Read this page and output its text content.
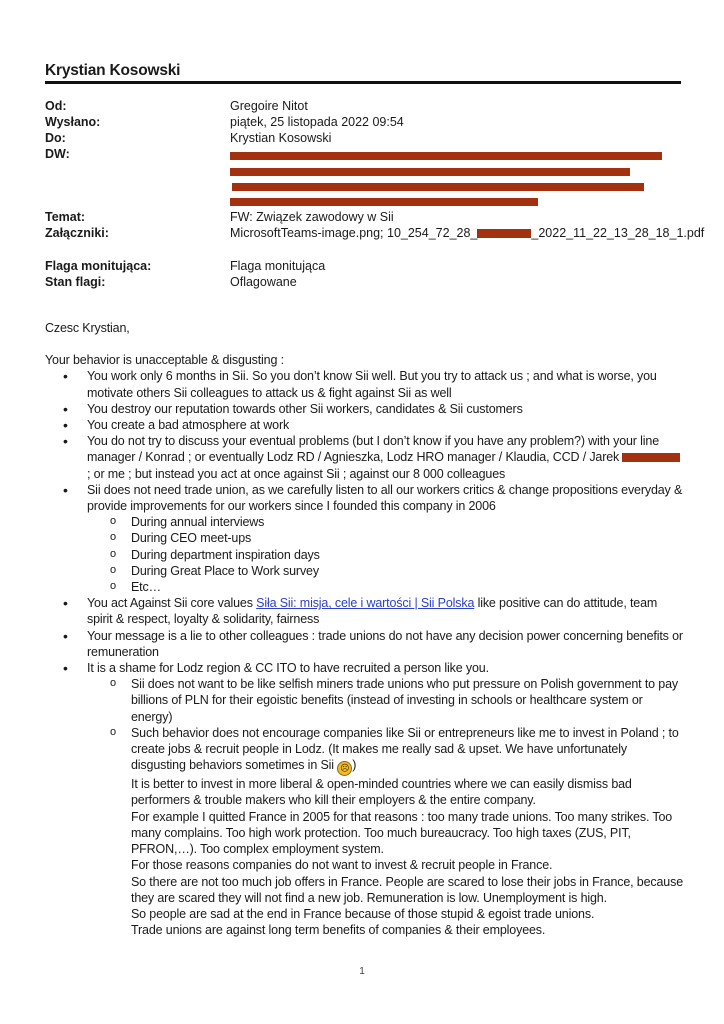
Krystian Kosowski
Od:	Gregoire Nitot
Wysłano:	piątek, 25 listopada 2022 09:54
Do:	Krystian Kosowski
DW:
Temat:	FW: Związek zawodowy w Sii
Załączniki:	MicrosoftTeams-image.png; 10_254_72_28_	_2022_11_22_13_28_18_1.pdf
Flaga monitująca:	Flaga monitująca
Stan flagi:	Oflagowane

Czesc Krystian,

Your behavior is unacceptable & disgusting :

• You work only 6 months in Sii. So you don’t know Sii well. But you try to attack us ; and what is worse, you motivate others Sii colleagues to attack us & fight against Sii as well
• You destroy our reputation towards other Sii workers, candidates & Sii customers
• You create a bad atmosphere at work
• You do not try to discuss your eventual problems (but I don’t know if you have any problem?) with your line manager / Konrad ; or eventually Lodz RD / Agnieszka, Lodz HRO manager / Klaudia, CCD / Jarek  ; or me ; but instead you act at once against Sii ; against our 8 000 colleagues
• Sii does not need trade union, as we carefully listen to all our workers critics & change propositions everyday & provide improvements for our workers since I founded this company in 2006
o During annual interviews
o During CEO meet-ups
o During department inspiration days
o During Great Place to Work survey
o Etc…
• You act Against Sii core values Siła Sii: misja, cele i wartości | Sii Polska like positive can do attitude, team spirit & respect, loyalty & solidarity, fairness
• Your message is a lie to other colleagues : trade unions do not have any decision power concerning benefits or remuneration
• It is a shame for Lodz region & CC ITO to have recruited a person like you.
o Sii does not want to be like selfish miners trade unions who put pressure on Polish government to pay billions of PLN for their egoistic benefits (instead of investing in schools or healthcare system or energy)
o Such behavior does not encourage companies like Sii or entrepreneurs like me to invest in Poland ; to create jobs & recruit people in Lodz. (It makes me really sad & upset. We have unfortunately disgusting behaviors sometimes in Sii ☹ )
It is better to invest in more liberal & open-minded countries where we can easily dismiss bad performers & trouble makers who kill their employers & the entire company.
For example I quitted France in 2005 for that reasons : too many trade unions. Too many strikes. Too many complains. Too high work protection. Too much bureaucracy. Too high taxes (ZUS, PIT, PFRON,…). Too complex employment system.
For those reasons companies do not want to invest & recruit people in France.
So there are not too much job offers in France. People are scared to lose their jobs in France, because they are scared they will not find a new job. Remuneration is low. Unemployment is high.
So people are sad at the end in France because of those stupid & egoist trade unions.
Trade unions are against long term benefits of companies & their employees.
1
